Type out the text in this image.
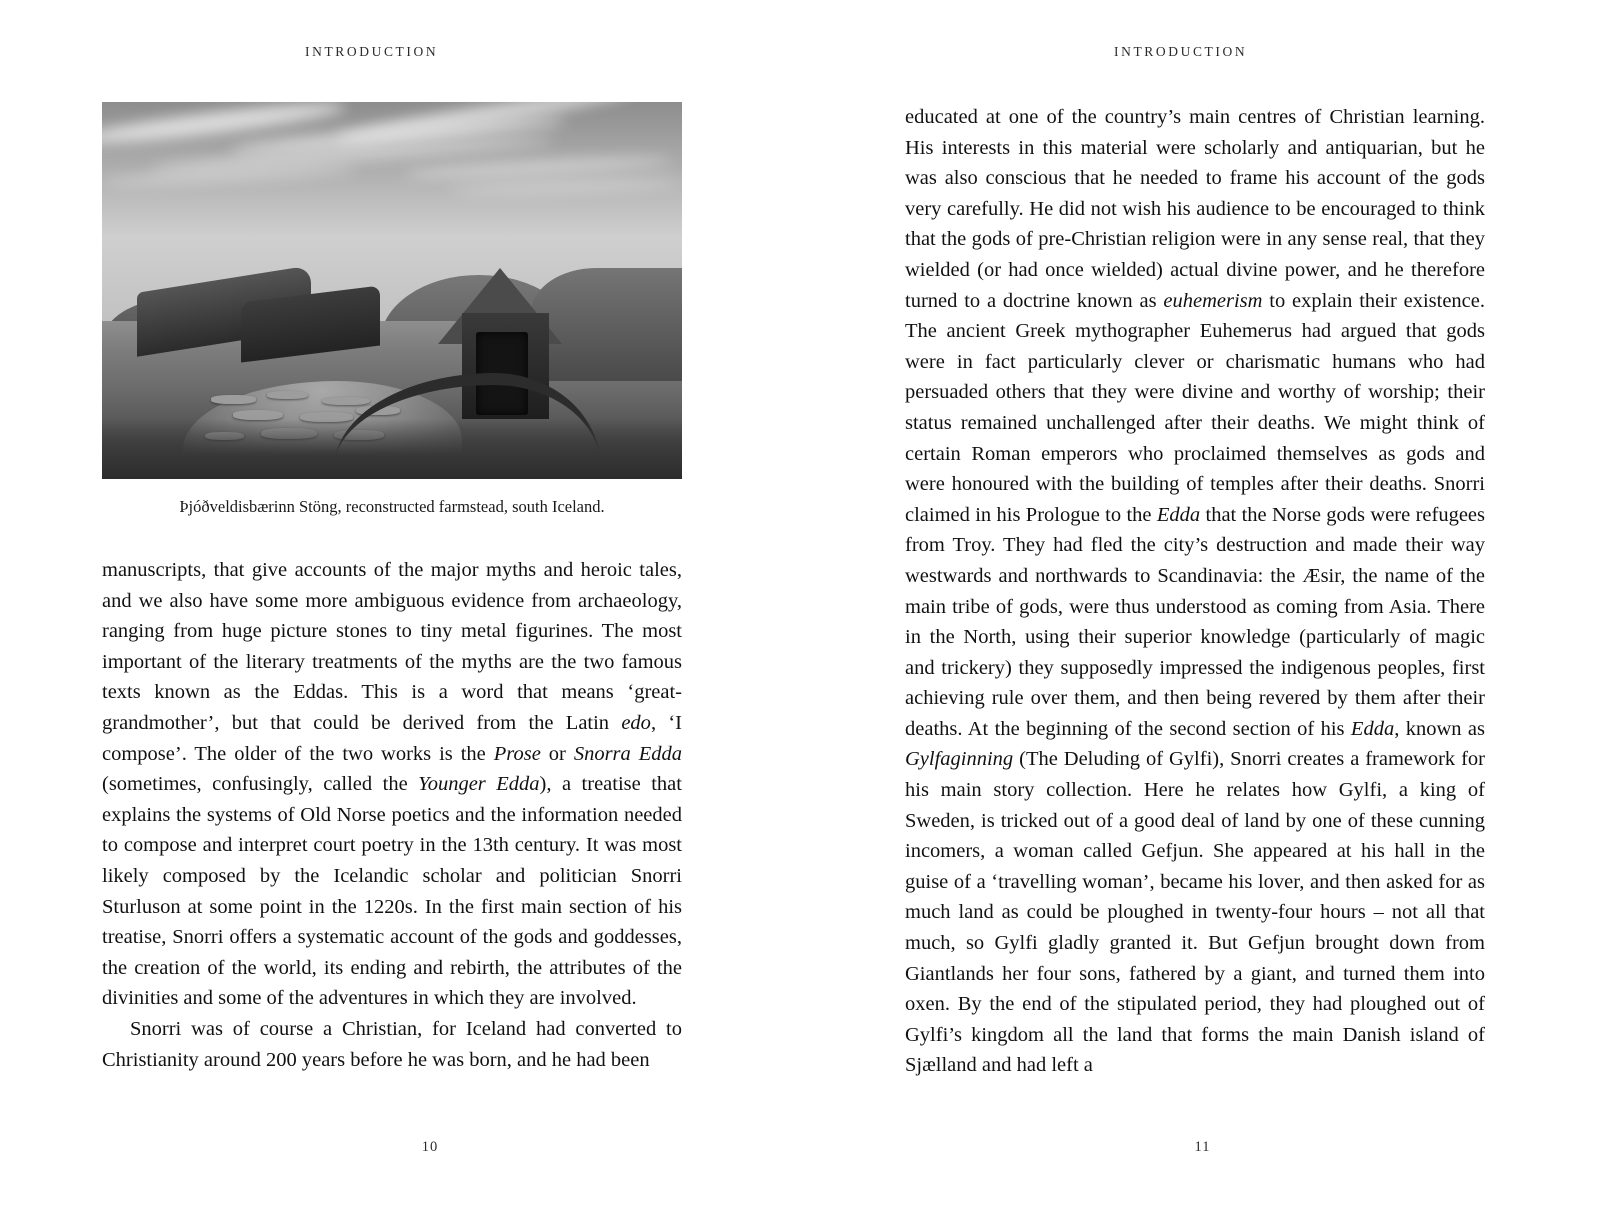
INTRODUCTION
Þjóðveldisbærinn Stöng, reconstructed farmstead, south Iceland.

manuscripts, that give accounts of the major myths and heroic tales, and we also have some more ambiguous evidence from archaeology, ranging from huge picture stones to tiny metal figurines. The most important of the literary treatments of the myths are the two famous texts known as the Eddas. This is a word that means ‘great-grandmother’, but that could be derived from the Latin edo, ‘I compose’. The older of the two works is the Prose or Snorra Edda (sometimes, confusingly, called the Younger Edda), a treatise that explains the systems of Old Norse poetics and the information needed to compose and interpret court poetry in the 13th century. It was most likely composed by the Icelandic scholar and politician Snorri Sturluson at some point in the 1220s. In the first main section of his treatise, Snorri offers a systematic account of the gods and goddesses, the creation of the world, its ending and rebirth, the attributes of the divinities and some of the adventures in which they are involved.

Snorri was of course a Christian, for Iceland had converted to Christianity around 200 years before he was born, and he had been

10
INTRODUCTION

educated at one of the country’s main centres of Christian learning. His interests in this material were scholarly and antiquarian, but he was also conscious that he needed to frame his account of the gods very carefully. He did not wish his audience to be encouraged to think that the gods of pre-Christian religion were in any sense real, that they wielded (or had once wielded) actual divine power, and he therefore turned to a doctrine known as euhemerism to explain their existence. The ancient Greek mythographer Euhemerus had argued that gods were in fact particularly clever or charismatic humans who had persuaded others that they were divine and worthy of worship; their status remained unchallenged after their deaths. We might think of certain Roman emperors who proclaimed themselves as gods and were honoured with the building of temples after their deaths. Snorri claimed in his Prologue to the Edda that the Norse gods were refugees from Troy. They had fled the city’s destruction and made their way westwards and northwards to Scandinavia: the Æsir, the name of the main tribe of gods, were thus understood as coming from Asia. There in the North, using their superior knowledge (particularly of magic and trickery) they supposedly impressed the indigenous peoples, first achieving rule over them, and then being revered by them after their deaths. At the beginning of the second section of his Edda, known as Gylfaginning (The Deluding of Gylfi), Snorri creates a framework for his main story collection. Here he relates how Gylfi, a king of Sweden, is tricked out of a good deal of land by one of these cunning incomers, a woman called Gefjun. She appeared at his hall in the guise of a ‘travelling woman’, became his lover, and then asked for as much land as could be ploughed in twenty-four hours – not all that much, so Gylfi gladly granted it. But Gefjun brought down from Giantlands her four sons, fathered by a giant, and turned them into oxen. By the end of the stipulated period, they had ploughed out of Gylfi’s kingdom all the land that forms the main Danish island of Sjælland and had left a

11
